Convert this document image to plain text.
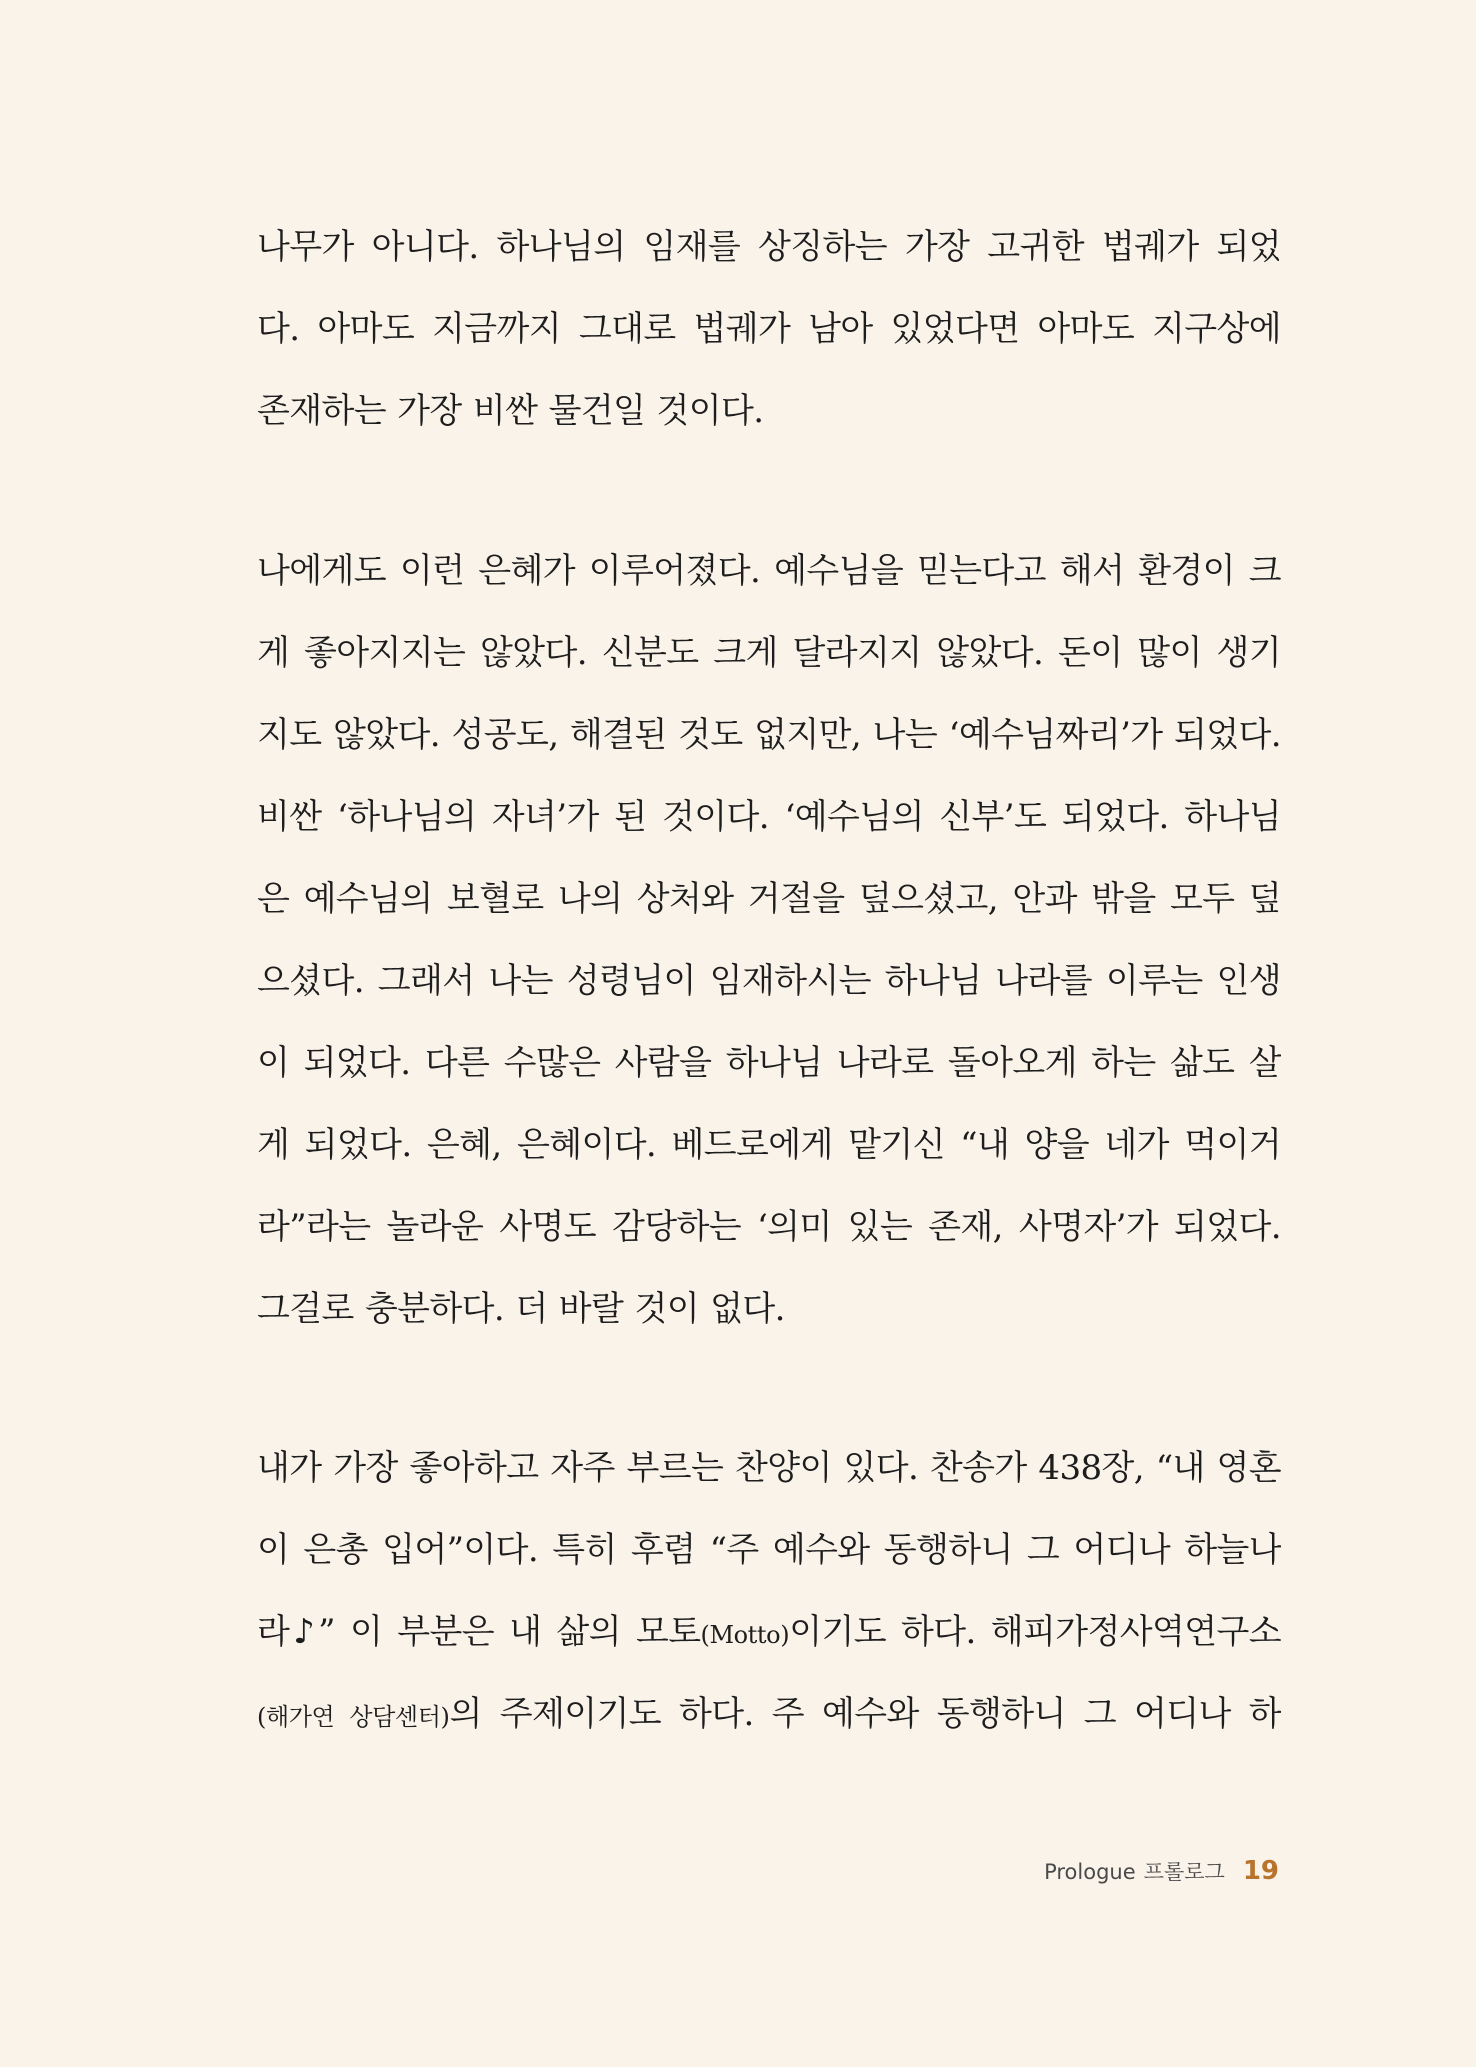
나무가 아니다. 하나님의 임재를 상징하는 가장 고귀한 법궤가 되었
다. 아마도 지금까지 그대로 법궤가 남아 있었다면 아마도 지구상에
존재하는 가장 비싼 물건일 것이다.
나에게도 이런 은혜가 이루어졌다. 예수님을 믿는다고 해서 환경이 크
게 좋아지지는 않았다. 신분도 크게 달라지지 않았다. 돈이 많이 생기
지도 않았다. 성공도, 해결된 것도 없지만, 나는 ‘예수님짜리’가 되었다.
비싼 ‘하나님의 자녀’가 된 것이다. ‘예수님의 신부’도 되었다. 하나님
은 예수님의 보혈로 나의 상처와 거절을 덮으셨고, 안과 밖을 모두 덮
으셨다. 그래서 나는 성령님이 임재하시는 하나님 나라를 이루는 인생
이 되었다. 다른 수많은 사람을 하나님 나라로 돌아오게 하는 삶도 살
게 되었다. 은혜, 은혜이다. 베드로에게 맡기신 “내 양을 네가 먹이거
라”라는 놀라운 사명도 감당하는 ‘의미 있는 존재, 사명자’가 되었다.
그걸로 충분하다. 더 바랄 것이 없다.
내가 가장 좋아하고 자주 부르는 찬양이 있다. 찬송가 438장, “내 영혼
이 은총 입어”이다. 특히 후렴 “주 예수와 동행하니 그 어디나 하늘나
라♪” 이 부분은 내 삶의 모토(Motto)이기도 하다. 해피가정사역연구소
(해가연 상담센터)의 주제이기도 하다. 주 예수와 동행하니 그 어디나 하
Prologue 프롤로그 19
